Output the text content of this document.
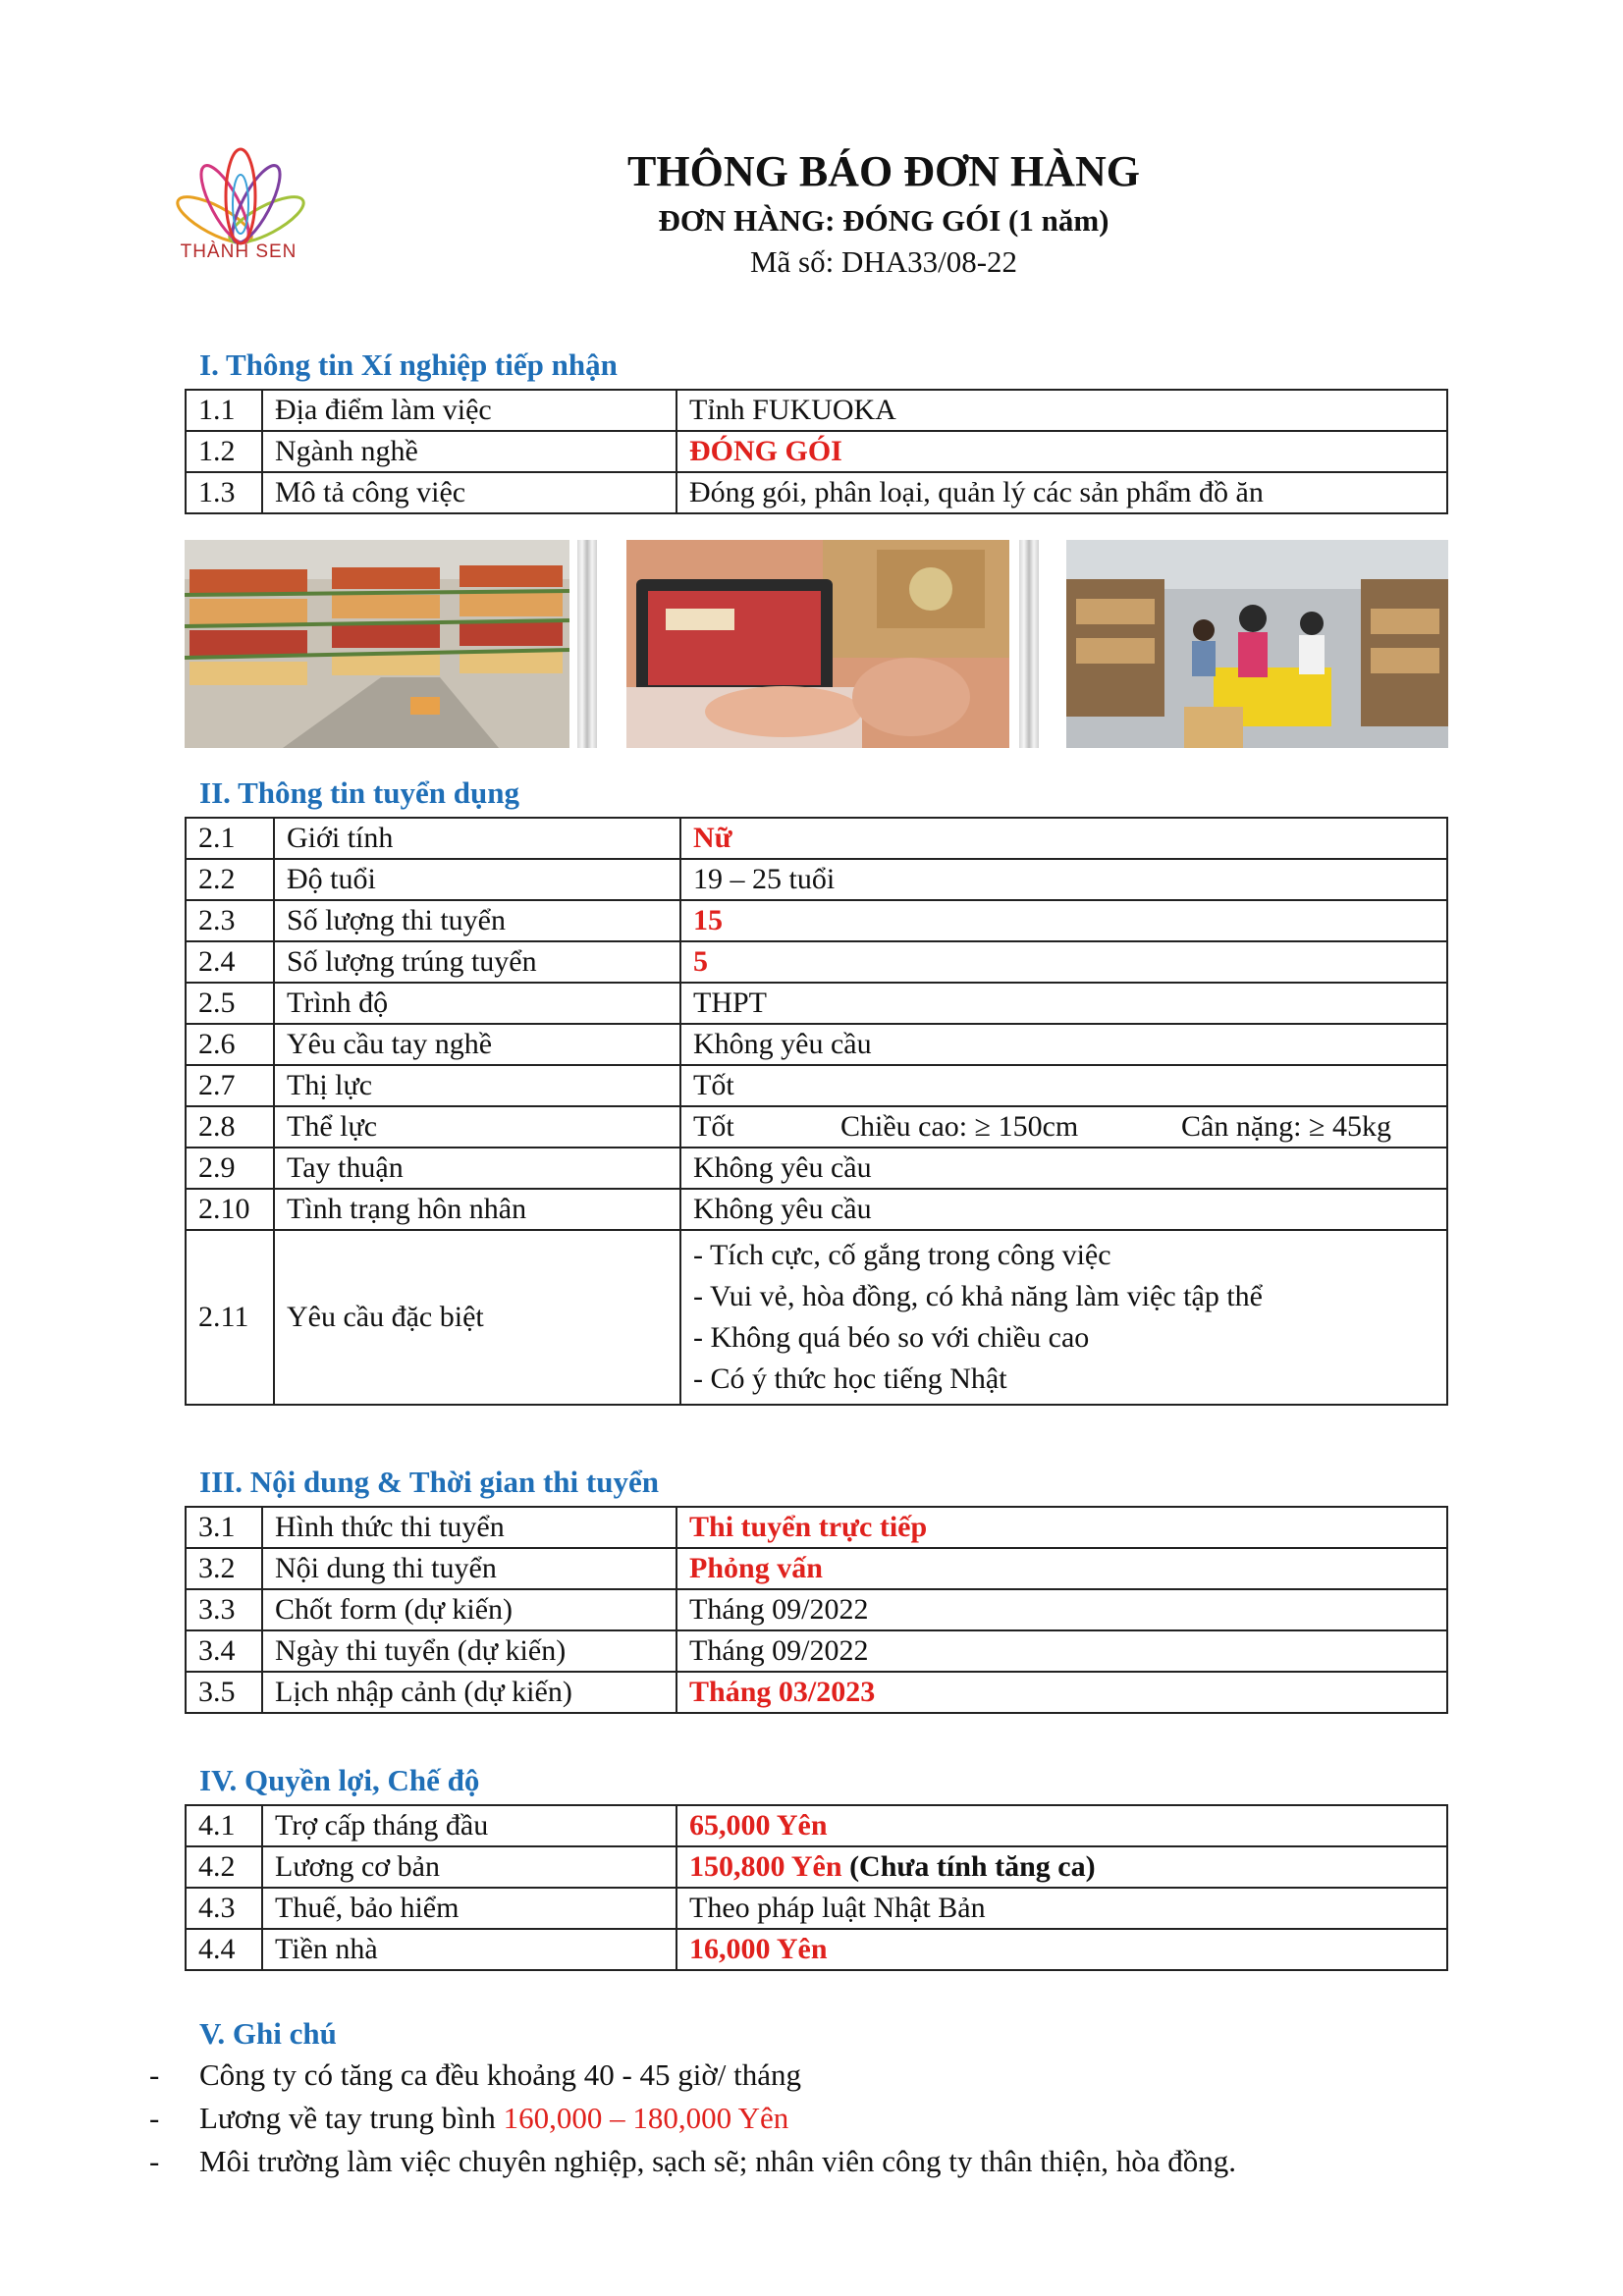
THÀNH SEN
THÔNG BÁO ĐƠN HÀNG
ĐƠN HÀNG: ĐÓNG GÓI (1 năm)
Mã số: DHA33/08-22
I. Thông tin Xí nghiệp tiếp nhận
1.1	Địa điểm làm việc	Tỉnh FUKUOKA
1.2	Ngành nghề	ĐÓNG GÓI
1.3	Mô tả công việc	Đóng gói, phân loại, quản lý các sản phẩm đồ ăn
II. Thông tin tuyển dụng
2.1	Giới tính	Nữ
2.2	Độ tuổi	19 – 25 tuổi
2.3	Số lượng thi tuyển	15
2.4	Số lượng trúng tuyển	5
2.5	Trình độ	THPT
2.6	Yêu cầu tay nghề	Không yêu cầu
2.7	Thị lực	Tốt
2.8	Thể lực	Tốt Chiều cao: ≥ 150cm Cân nặng: ≥ 45kg
2.9	Tay thuận	Không yêu cầu
2.10	Tình trạng hôn nhân	Không yêu cầu
2.11	Yêu cầu đặc biệt	- Tích cực, cố gắng trong công việc
- Vui vẻ, hòa đồng, có khả năng làm việc tập thể
- Không quá béo so với chiều cao
- Có ý thức học tiếng Nhật
III. Nội dung & Thời gian thi tuyển
3.1	Hình thức thi tuyển	Thi tuyển trực tiếp
3.2	Nội dung thi tuyển	Phỏng vấn
3.3	Chốt form (dự kiến)	Tháng 09/2022
3.4	Ngày thi tuyển (dự kiến)	Tháng 09/2022
3.5	Lịch nhập cảnh (dự kiến)	Tháng 03/2023
IV. Quyền lợi, Chế độ
4.1	Trợ cấp tháng đầu	65,000 Yên
4.2	Lương cơ bản	150,800 Yên (Chưa tính tăng ca)
4.3	Thuế, bảo hiểm	Theo pháp luật Nhật Bản
4.4	Tiền nhà	16,000 Yên
V. Ghi chú
- Công ty có tăng ca đều khoảng 40 - 45 giờ/ tháng
- Lương về tay trung bình 160,000 – 180,000 Yên
- Môi trường làm việc chuyên nghiệp, sạch sẽ; nhân viên công ty thân thiện, hòa đồng.
